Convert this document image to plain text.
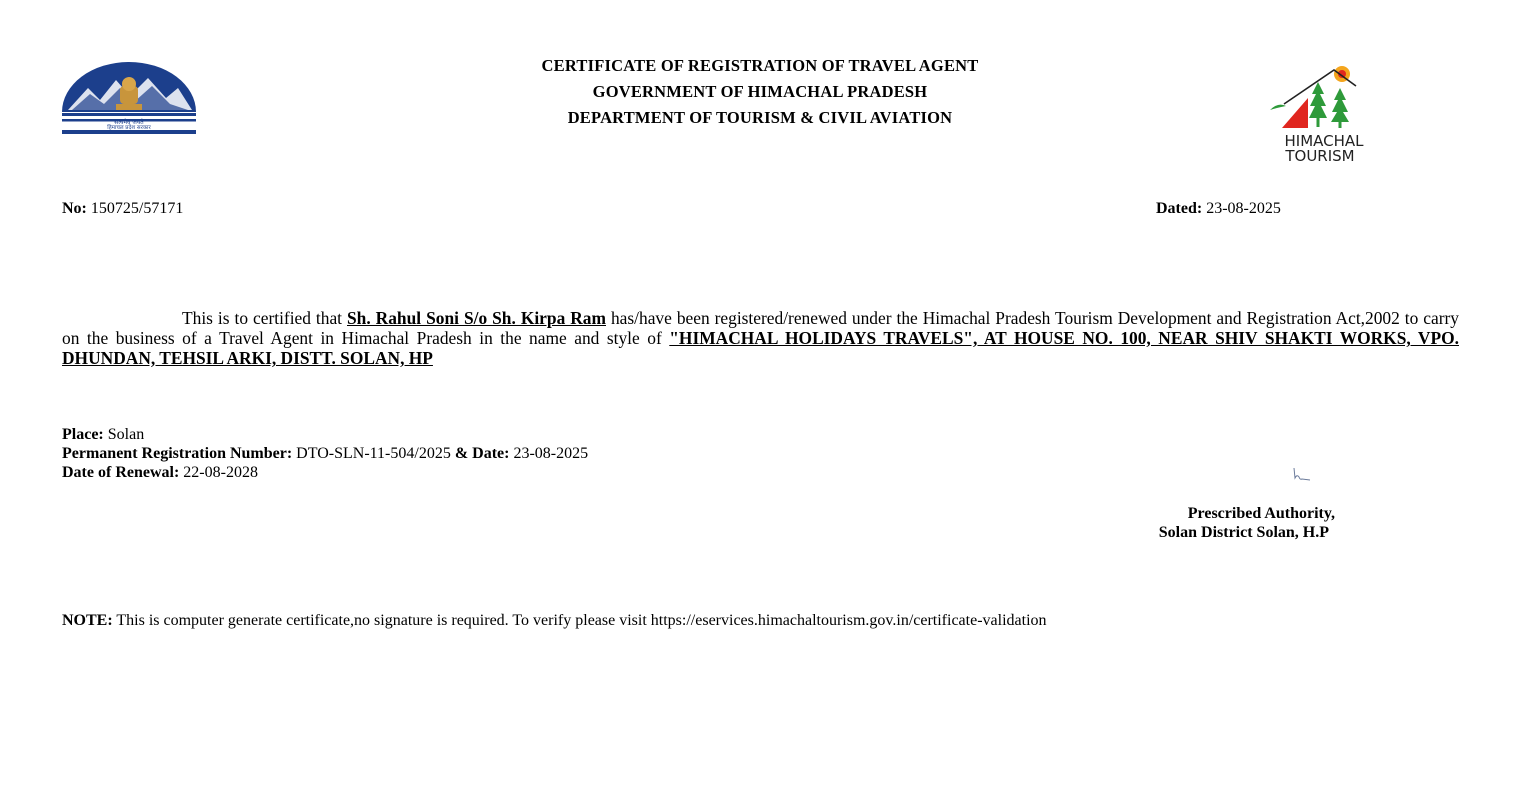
सत्यमेव जयते
हिमाचल प्रदेश सरकार
CERTIFICATE OF REGISTRATION OF TRAVEL AGENT
GOVERNMENT OF HIMACHAL PRADESH
DEPARTMENT OF TOURISM & CIVIL AVIATION
HIMACHAL
TOURISM
No: 150725/57171	Dated: 23-08-2025

This is to certified that Sh. Rahul Soni S/o Sh. Kirpa Ram has/have been registered/renewed under the Himachal Pradesh Tourism Development and Registration Act,2002 to carry on the business of a Travel Agent in Himachal Pradesh in the name and style of "HIMACHAL HOLIDAYS TRAVELS", AT HOUSE NO. 100, NEAR SHIV SHAKTI WORKS, VPO. DHUNDAN, TEHSIL ARKI, DISTT. SOLAN, HP

Place: Solan
Permanent Registration Number: DTO-SLN-11-504/2025 & Date: 23-08-2025
Date of Renewal: 22-08-2028
Prescribed Authority,
Solan District Solan, H.P
NOTE: This is computer generate certificate,no signature is required. To verify please visit https://eservices.himachaltourism.gov.in/certificate-validation
